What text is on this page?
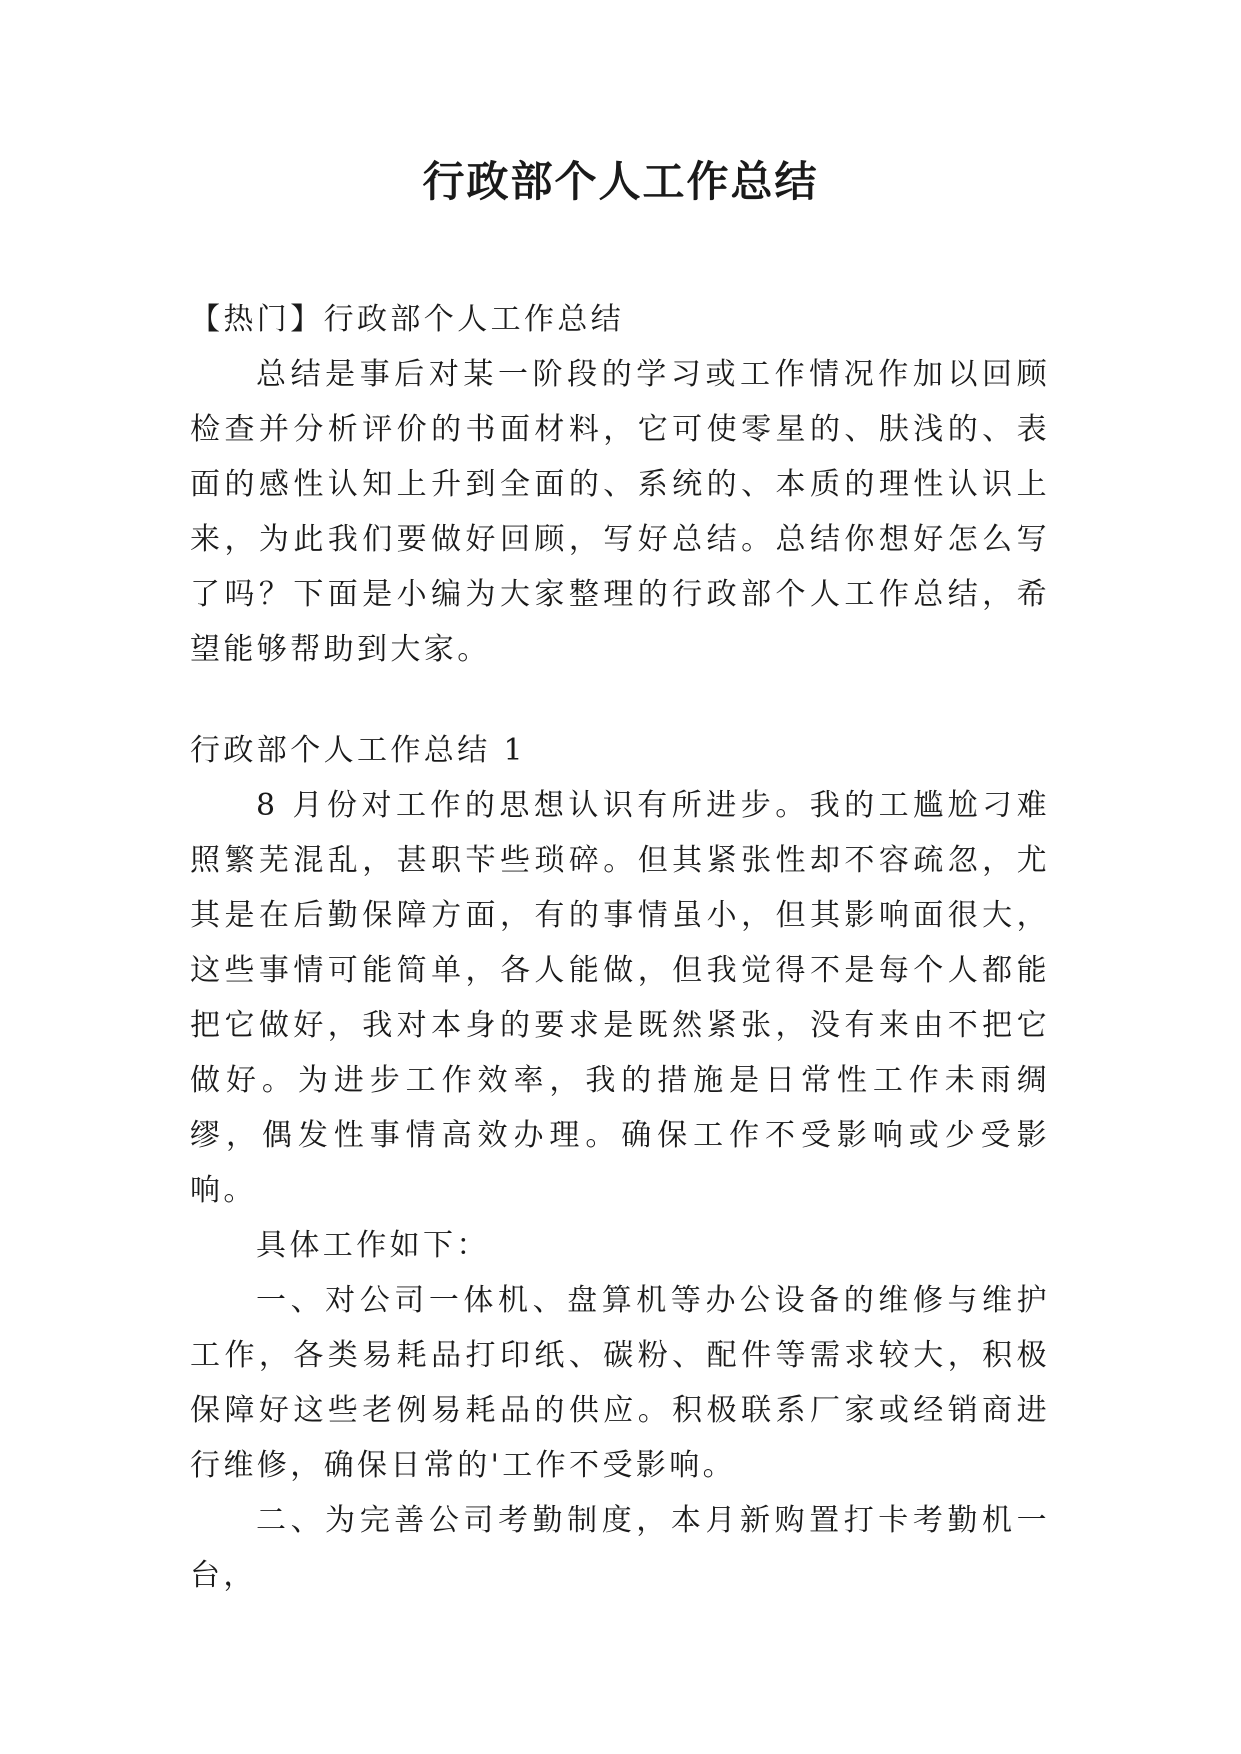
行政部个人工作总结

【热门】行政部个人工作总结

总结是事后对某一阶段的学习或工作情况作加以回顾检查并分析评价的书面材料，它可使零星的、肤浅的、表面的感性认知上升到全面的、系统的、本质的理性认识上来，为此我们要做好回顾，写好总结。总结你想好怎么写了吗？下面是小编为大家整理的行政部个人工作总结，希望能够帮助到大家。

行政部个人工作总结 1

8 月份对工作的思想认识有所进步。我的工尴尬刁难照繁芜混乱，甚职苄些琐碎。但其紧张性却不容疏忽，尤其是在后勤保障方面，有的事情虽小，但其影响面很大，这些事情可能简单，各人能做，但我觉得不是每个人都能把它做好，我对本身的要求是既然紧张，没有来由不把它做好。为进步工作效率，我的措施是日常性工作未雨绸缪，偶发性事情高效办理。确保工作不受影响或少受影响。

具体工作如下：

一、对公司一体机、盘算机等办公设备的维修与维护工作，各类易耗品打印纸、碳粉、配件等需求较大，积极保障好这些老例易耗品的供应。积极联系厂家或经销商进行维修，确保日常的'工作不受影响。

二、为完善公司考勤制度，本月新购置打卡考勤机一台，
